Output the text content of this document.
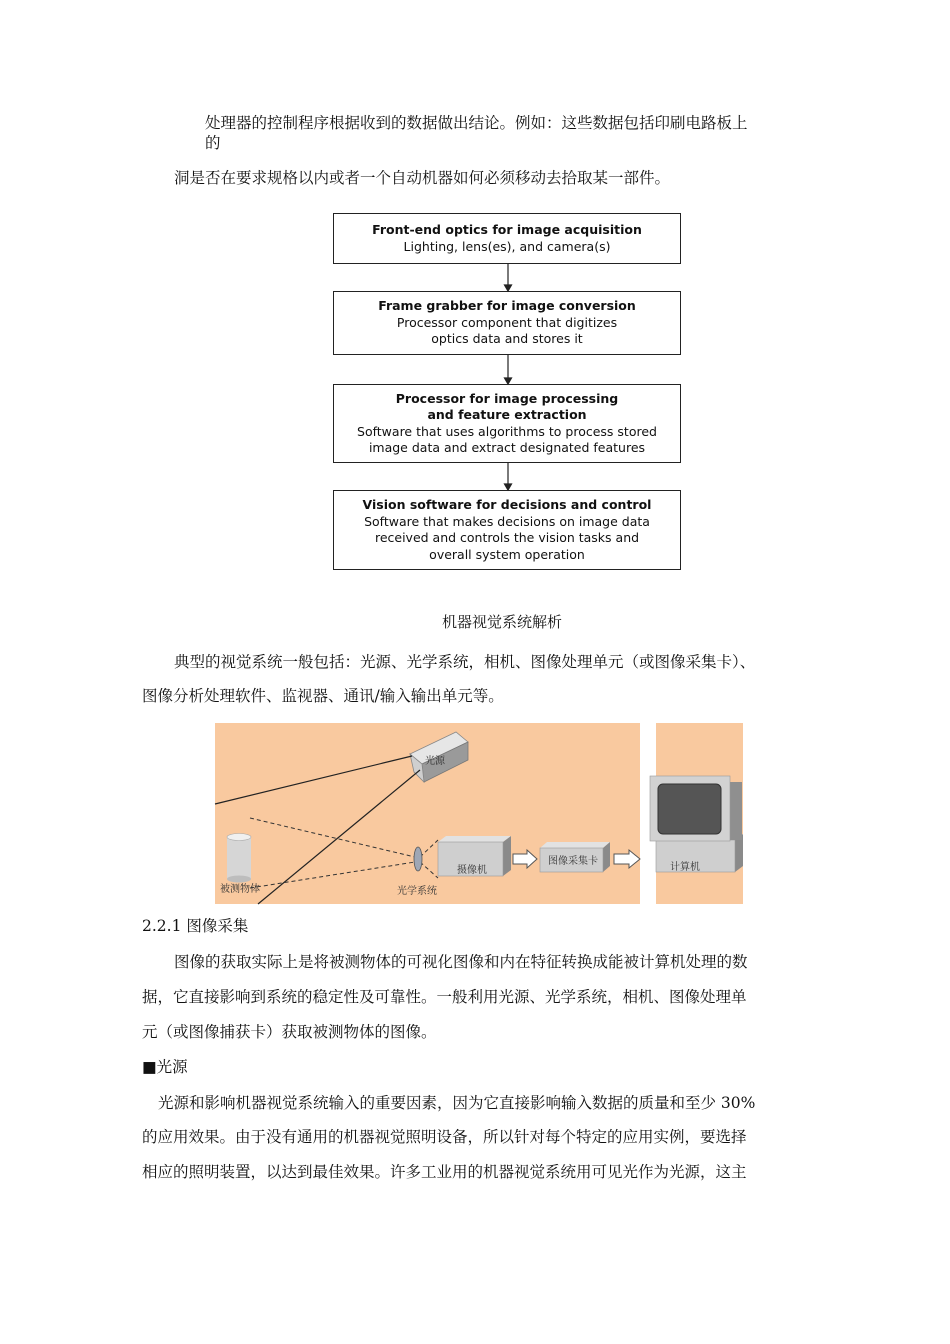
处理器的控制程序根据收到的数据做出结论。例如：这些数据包括印刷电路板上
的
洞是否在要求规格以内或者一个自动机器如何必须移动去拾取某一部件。
Front-end optics for image acquisition
Lighting, lens(es), and camera(s)
Frame grabber for image conversion
Processor component that digitizes
optics data and stores it
Processor for image processing
and feature extraction
Software that uses algorithms to process stored
image data and extract designated features
Vision software for decisions and control
Software that makes decisions on image data
received and controls the vision tasks and
overall system operation
机器视觉系统解析
典型的视觉系统一般包括：光源、光学系统，相机、图像处理单元（或图像采集卡）、
图像分析处理软件、监视器、通讯/输入输出单元等。
光源
被测物体	光学系统
摄像机
图像采集卡
计算机
2.2.1 图像采集
图像的获取实际上是将被测物体的可视化图像和内在特征转换成能被计算机处理的数
据，它直接影响到系统的稳定性及可靠性。一般利用光源、光学系统，相机、图像处理单
元（或图像捕获卡）获取被测物体的图像。
■光源
光源和影响机器视觉系统输入的重要因素，因为它直接影响输入数据的质量和至少 30%
的应用效果。由于没有通用的机器视觉照明设备，所以针对每个特定的应用实例，要选择
相应的照明装置，以达到最佳效果。许多工业用的机器视觉系统用可见光作为光源，这主
